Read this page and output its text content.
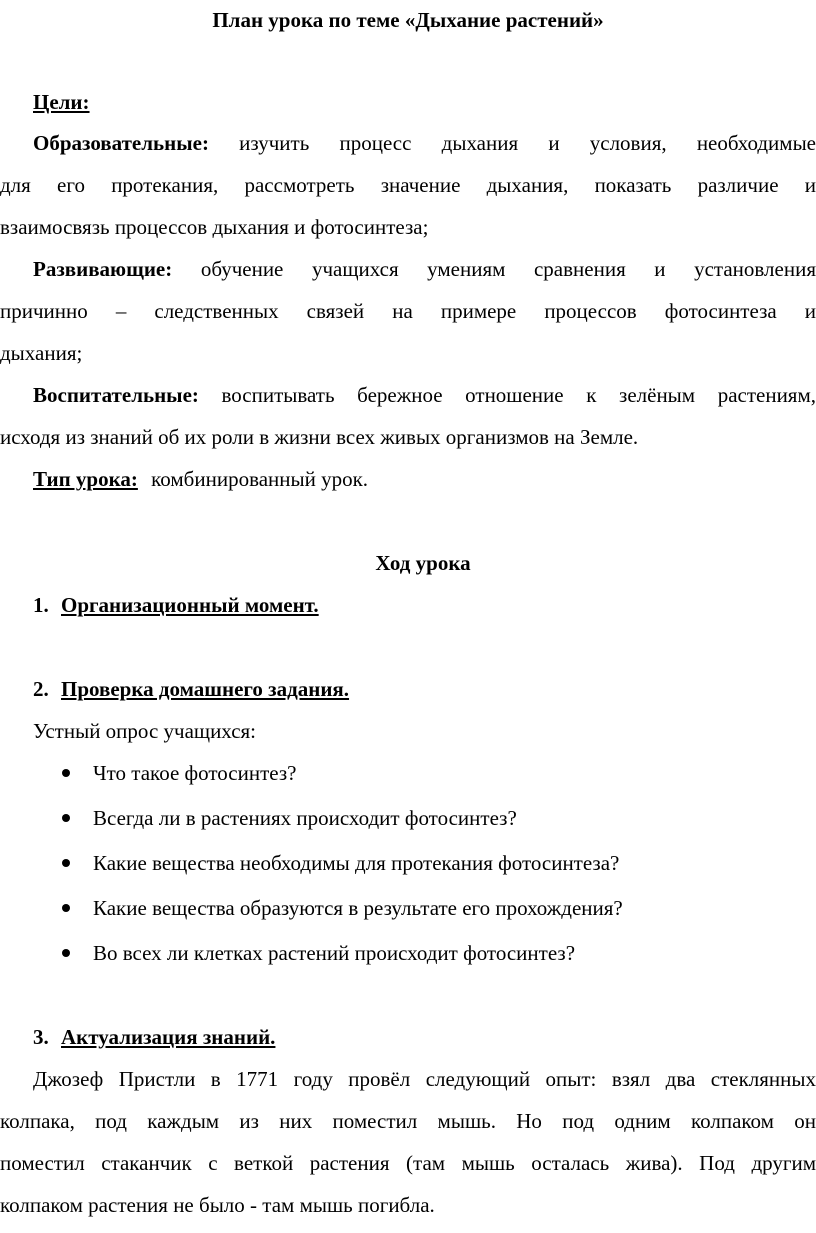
План урока по теме «Дыхание растений»
Цели:
Образовательные: изучить процесс дыхания и условия, необходимые
для его протекания, рассмотреть значение дыхания, показать различие и
взаимосвязь процессов дыхания и фотосинтеза;
Развивающие: обучение учащихся умениям сравнения и установления
причинно – следственных связей на примере процессов фотосинтеза и
дыхания;
Воспитательные: воспитывать бережное отношение к зелёным растениям,
исходя из знаний об их роли в жизни всех живых организмов на Земле.
Тип урока: комбинированный урок.
Ход урока
1. Организационный момент.
2. Проверка домашнего задания.
Устный опрос учащихся:
Что такое фотосинтез?
Всегда ли в растениях происходит фотосинтез?
Какие вещества необходимы для протекания фотосинтеза?
Какие вещества образуются в результате его прохождения?
Во всех ли клетках растений происходит фотосинтез?
3. Актуализация знаний.
Джозеф Пристли в 1771 году провёл следующий опыт: взял два стеклянных
колпака, под каждым из них поместил мышь. Но под одним колпаком он
поместил стаканчик с веткой растения (там мышь осталась жива). Под другим
колпаком растения не было - там мышь погибла.
